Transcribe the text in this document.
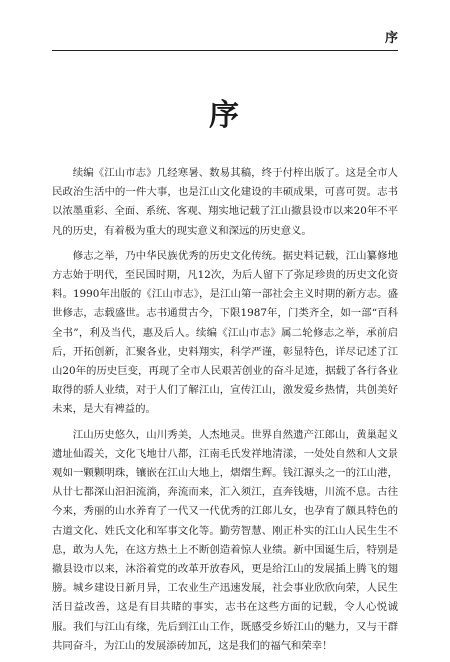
序
序

续编《江山市志》几经寒暑、数易其稿，终于付梓出版了。这是全市人民政治生活中的一件大事，也是江山文化建设的丰硕成果，可喜可贺。志书以浓墨重彩、全面、系统、客观、翔实地记载了江山撤县设市以来20年不平凡的历史，有着极为重大的现实意义和深远的历史意义。

修志之举，乃中华民族优秀的历史文化传统。据史料记载，江山纂修地方志始于明代，至民国时期，凡12次，为后人留下了弥足珍贵的历史文化资料。1990年出版的《江山市志》，是江山第一部社会主义时期的新方志。盛世修志，志载盛世。志书通贯古今，下限1987年，门类齐全，如一部“百科全书”，利及当代，惠及后人。续编《江山市志》属二轮修志之举，承前启后，开拓创新，汇聚各业，史料翔实，科学严谨，彰显特色，详尽记述了江山20年的历史巨变，再现了全市人民艰苦创业的奋斗足迹，据载了各行各业取得的骄人业绩，对于人们了解江山，宣传江山，激发爱乡热情，共创美好未来，是大有裨益的。

江山历史悠久，山川秀美，人杰地灵。世界自然遗产江郎山，黄巢起义遗址仙霞关，文化飞地廿八都，江南毛氏发祥地清漾，一处处自然和人文景观如一颗颗明珠，镶嵌在江山大地上，熠熠生辉。钱江源头之一的江山港，从廿七都深山汩汩流淌，奔流而来，汇入须江，直奔钱塘，川流不息。古往今来，秀丽的山水养育了一代又一代优秀的江郎儿女，也孕育了颇具特色的古道文化、姓氏文化和军事文化等。勤劳智慧、刚正朴实的江山人民生生不息，敢为人先，在这方热土上不断创造着惊人业绩。新中国诞生后，特别是撤县设市以来，沐浴着党的改革开放春风，更是给江山的发展插上腾飞的翅膀。城乡建设日新月异，工农业生产迅速发展，社会事业欣欣向荣，人民生活日益改善，这是有目共睹的事实，志书在这些方面的记载，令人心悦诚服。我们与江山有缘，先后到江山工作，既感受乡娇江山的魅力，又与干群共同奋斗，为江山的发展添砖加瓦，这是我们的福气和荣幸！
